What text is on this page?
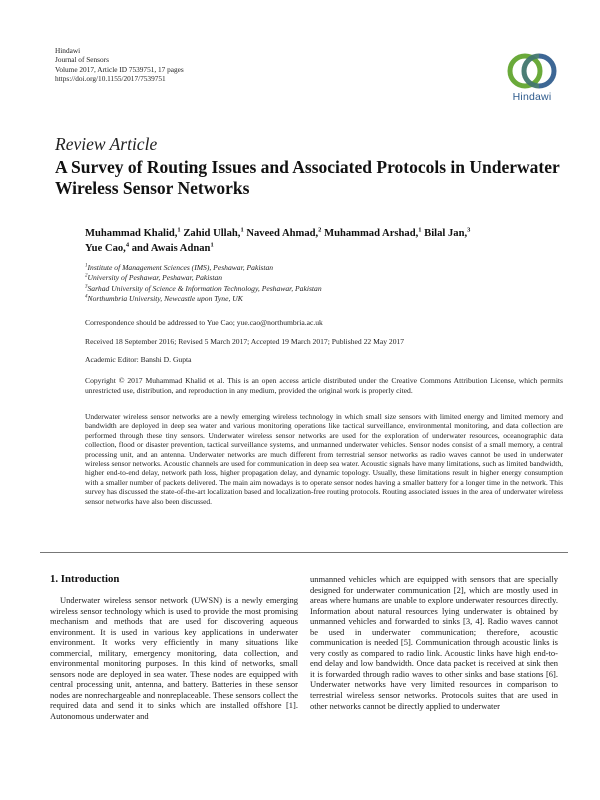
Hindawi
Journal of Sensors
Volume 2017, Article ID 7539751, 17 pages
https://doi.org/10.1155/2017/7539751
Hindawi
Review Article
A Survey of Routing Issues and Associated Protocols in Underwater Wireless Sensor Networks
Muhammad Khalid,$^1$ Zahid Ullah,$^1$ Naveed Ahmad,$^2$ Muhammad Arshad,$^1$ Bilal Jan,$^3$
Yue Cao,$^4$ and Awais Adnan$^1$
$^1$Institute of Management Sciences (IMS), Peshawar, Pakistan
$^2$University of Peshawar, Peshawar, Pakistan
$^3$Sarhad University of Science & Information Technology, Peshawar, Pakistan
$^4$Northumbria University, Newcastle upon Tyne, UK
Correspondence should be addressed to Yue Cao; yue.cao@northumbria.ac.uk
Received 18 September 2016; Revised 5 March 2017; Accepted 19 March 2017; Published 22 May 2017
Academic Editor: Banshi D. Gupta
Copyright © 2017 Muhammad Khalid et al. This is an open access article distributed under the Creative Commons Attribution License, which permits unrestricted use, distribution, and reproduction in any medium, provided the original work is properly cited.
Underwater wireless sensor networks are a newly emerging wireless technology in which small size sensors with limited energy and limited memory and bandwidth are deployed in deep sea water and various monitoring operations like tactical surveillance, environmental monitoring, and data collection are performed through these tiny sensors. Underwater wireless sensor networks are used for the exploration of underwater resources, oceanographic data collection, flood or disaster prevention, tactical surveillance systems, and unmanned underwater vehicles. Sensor nodes consist of a small memory, a central processing unit, and an antenna. Underwater networks are much different from terrestrial sensor networks as radio waves cannot be used in underwater wireless sensor networks. Acoustic channels are used for communication in deep sea water. Acoustic signals have many limitations, such as limited bandwidth, higher end-to-end delay, network path loss, higher propagation delay, and dynamic topology. Usually, these limitations result in higher energy consumption with a smaller number of packets delivered. The main aim nowadays is to operate sensor nodes having a smaller battery for a longer time in the network. This survey has discussed the state-of-the-art localization based and localization-free routing protocols. Routing associated issues in the area of underwater wireless sensor networks have also been discussed.
1. Introduction

Underwater wireless sensor network (UWSN) is a newly emerging wireless sensor technology which is used to provide the most promising mechanism and methods that are used for discovering aqueous environment. It is used in various key applications in underwater environment. It works very efficiently in many situations like commercial, military, emergency monitoring, data collection, and environmental monitoring purposes. In this kind of networks, small sensors node are deployed in sea water. These nodes are equipped with central processing unit, antenna, and battery. Batteries in these sensor nodes are nonrechargeable and nonreplaceable. These sensors collect the required data and send it to sinks which are installed offshore [1]. Autonomous underwater and

unmanned vehicles which are equipped with sensors that are specially designed for underwater communication [2], which are mostly used in areas where humans are unable to explore underwater resources directly. Information about natural resources lying underwater is obtained by unmanned vehicles and forwarded to sinks [3, 4]. Radio waves cannot be used in underwater communication; therefore, acoustic communication is needed [5]. Communication through acoustic links is very costly as compared to radio link. Acoustic links have high end-to-end delay and low bandwidth. Once data packet is received at sink then it is forwarded through radio waves to other sinks and base stations [6]. Underwater networks have very limited resources in comparison to terrestrial wireless sensor networks. Protocols suites that are used in other networks cannot be directly applied to underwater
